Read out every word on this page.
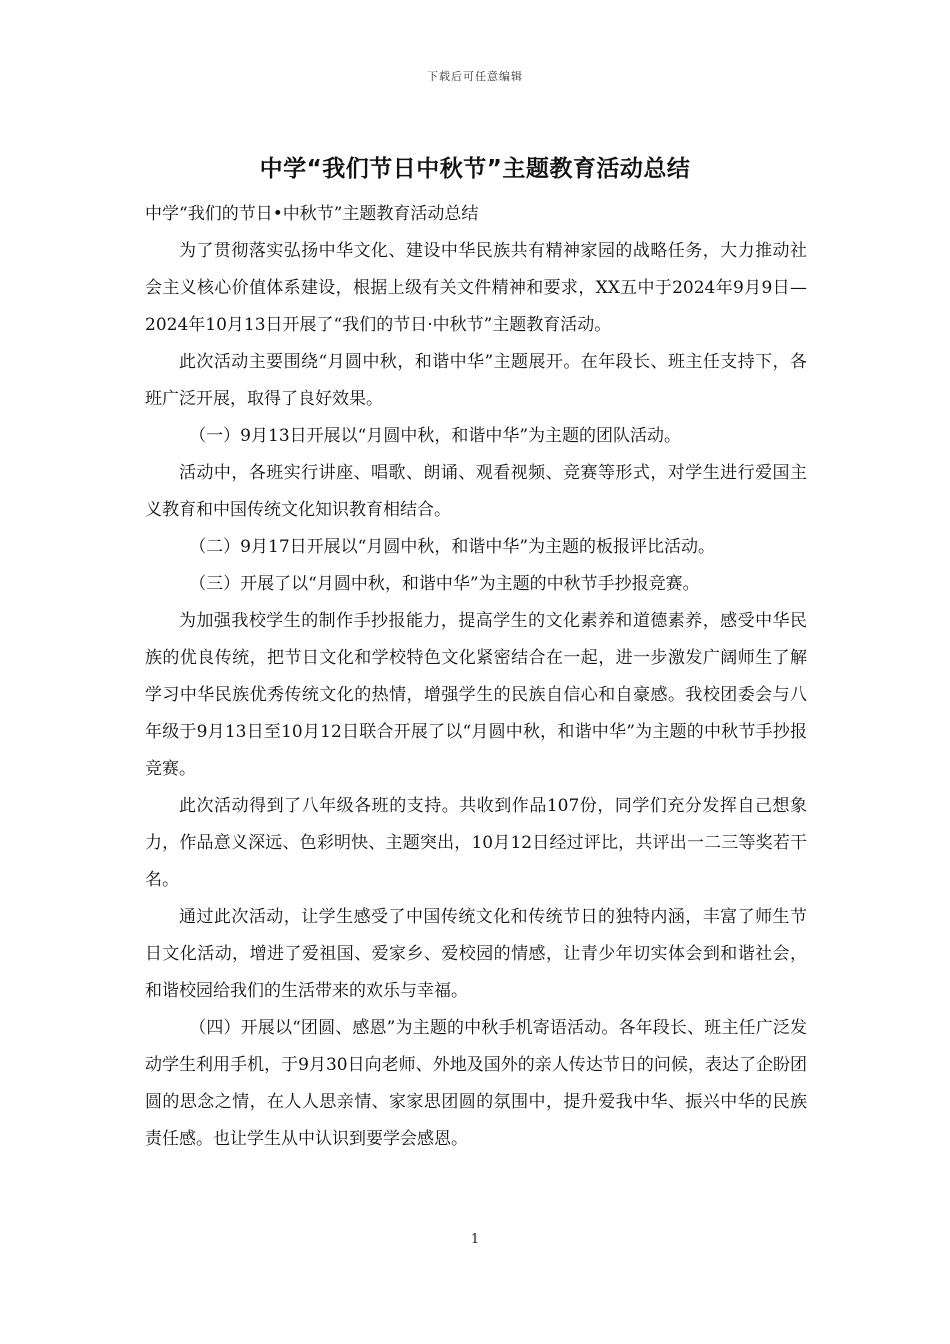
下载后可任意编辑
中学“我们节日中秋节”主题教育活动总结

中学“我们的节日•中秋节”主题教育活动总结

为了贯彻落实弘扬中华文化、建设中华民族共有精神家园的战略任务，大力推动社会主义核心价值体系建设，根据上级有关文件精神和要求，XX五中于2024年9月9日—2024年10月13日开展了“我们的节日·中秋节”主题教育活动。

此次活动主要围绕“月圆中秋，和谐中华”主题展开。在年段长、班主任支持下，各班广泛开展，取得了良好效果。

（一）9月13日开展以“月圆中秋，和谐中华”为主题的团队活动。

活动中，各班实行讲座、唱歌、朗诵、观看视频、竞赛等形式，对学生进行爱国主义教育和中国传统文化知识教育相结合。

（二）9月17日开展以“月圆中秋，和谐中华”为主题的板报评比活动。

（三）开展了以“月圆中秋，和谐中华”为主题的中秋节手抄报竞赛。

为加强我校学生的制作手抄报能力，提高学生的文化素养和道德素养，感受中华民族的优良传统，把节日文化和学校特色文化紧密结合在一起，进一步激发广阔师生了解学习中华民族优秀传统文化的热情，增强学生的民族自信心和自豪感。我校团委会与八年级于9月13日至10月12日联合开展了以“月圆中秋，和谐中华”为主题的中秋节手抄报竞赛。

此次活动得到了八年级各班的支持。共收到作品107份，同学们充分发挥自己想象力，作品意义深远、色彩明快、主题突出，10月12日经过评比，共评出一二三等奖若干名。

通过此次活动，让学生感受了中国传统文化和传统节日的独特内涵，丰富了师生节日文化活动，增进了爱祖国、爱家乡、爱校园的情感，让青少年切实体会到和谐社会，和谐校园给我们的生活带来的欢乐与幸福。

（四）开展以“团圆、感恩”为主题的中秋手机寄语活动。各年段长、班主任广泛发动学生利用手机，于9月30日向老师、外地及国外的亲人传达节日的问候，表达了企盼团圆的思念之情，在人人思亲情、家家思团圆的氛围中，提升爱我中华、振兴中华的民族责任感。也让学生从中认识到要学会感恩。

1
